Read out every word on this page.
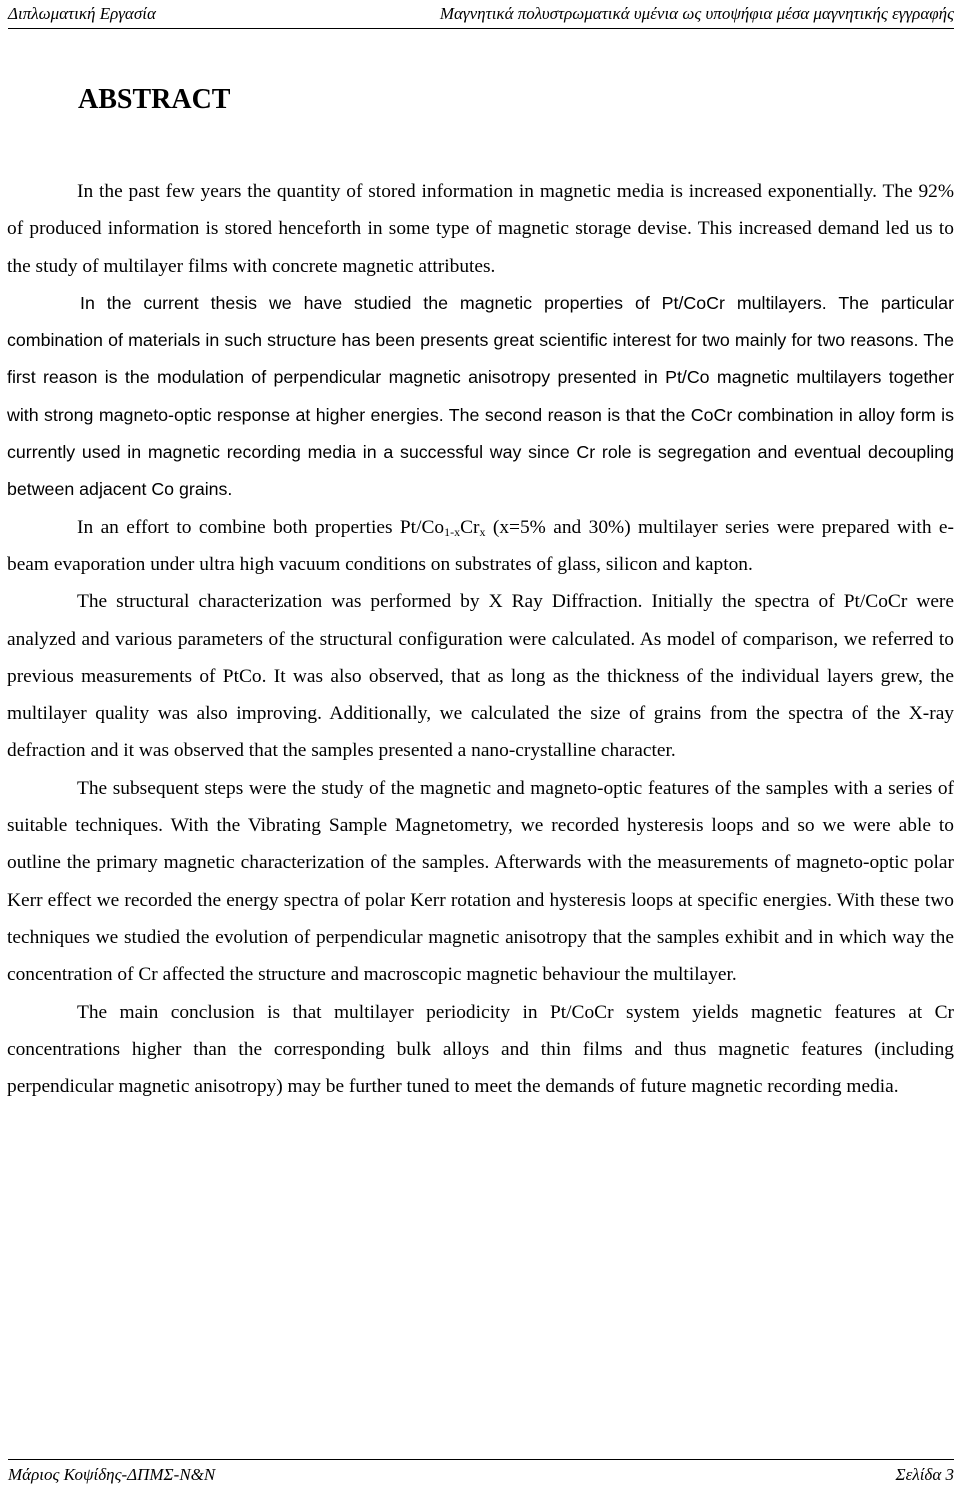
Διπλωματική Εργασία	Μαγνητικά πολυστρωματικά υμένια ως υποψήφια μέσα μαγνητικής εγγραφής
ABSTRACT

In the past few years the quantity of stored information in magnetic media is increased exponentially. The 92% of produced information is stored henceforth in some type of magnetic storage devise. This increased demand led us to the study of multilayer films with concrete magnetic attributes.

In the current thesis we have studied the magnetic properties of Pt/CoCr multilayers. The particular combination of materials in such structure has been presents great scientific interest for two mainly for two reasons. The first reason is the modulation of perpendicular magnetic anisotropy presented in Pt/Co magnetic multilayers together with strong magneto-optic response at higher energies. The second reason is that the CoCr combination in alloy form is currently used in magnetic recording media in a successful way since Cr role is segregation and eventual decoupling between adjacent Co grains.

In an effort to combine both properties $Pt/Co_{1-x}Cr_x$ (x=5% and 30%) multilayer series were prepared with e-beam evaporation under ultra high vacuum conditions on substrates of glass, silicon and kapton.

The structural characterization was performed by X Ray Diffraction. Initially the spectra of Pt/CoCr were analyzed and various parameters of the structural configuration were calculated. As model of comparison, we referred to previous measurements of PtCo. It was also observed, that as long as the thickness of the individual layers grew, the multilayer quality was also improving. Additionally, we calculated the size of grains from the spectra of the X-ray defraction and it was observed that the samples presented a nano-crystalline character.

The subsequent steps were the study of the magnetic and magneto-optic features of the samples with a series of suitable techniques. With the Vibrating Sample Magnetometry, we recorded hysteresis loops and so we were able to outline the primary magnetic characterization of the samples. Afterwards with the measurements of magneto-optic polar Kerr effect we recorded the energy spectra of polar Kerr rotation and hysteresis loops at specific energies. With these two techniques we studied the evolution of perpendicular magnetic anisotropy that the samples exhibit and in which way the concentration of Cr affected the structure and macroscopic magnetic behaviour the multilayer.

The main conclusion is that multilayer periodicity in Pt/CoCr system yields magnetic features at Cr concentrations higher than the corresponding bulk alloys and thin films and thus magnetic features (including perpendicular magnetic anisotropy) may be further tuned to meet the demands of future magnetic recording media.

Μάριος Κοψίδης-ΔΠΜΣ-Ν&Ν	Σελίδα 3
